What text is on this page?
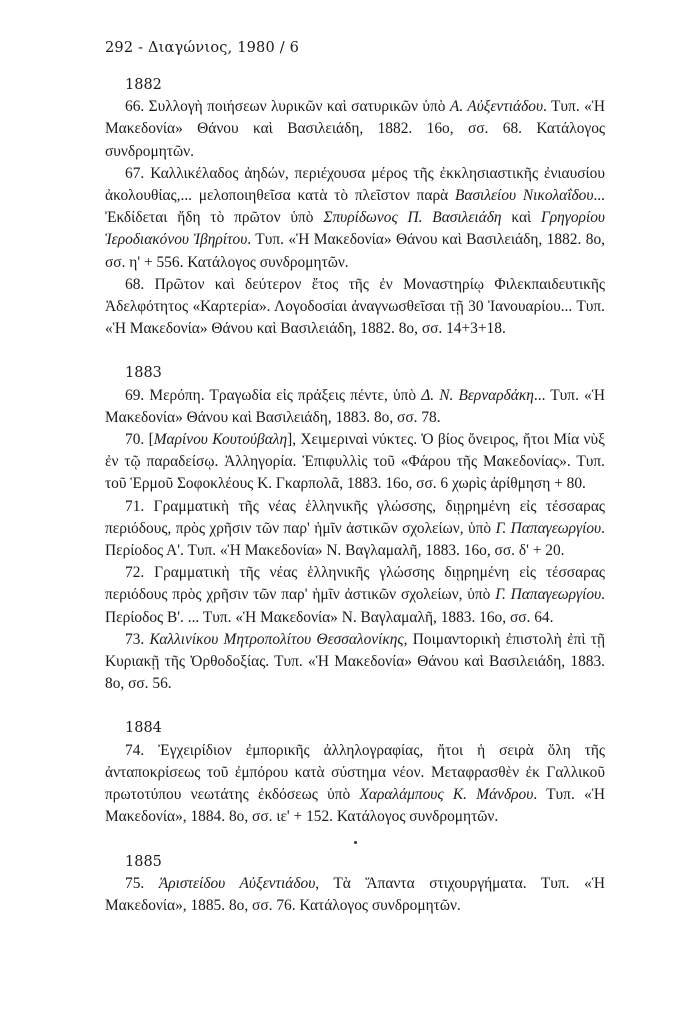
292 - Διαγώνιος, 1980 / 6

1882

66. Συλλογὴ ποιήσεων λυρικῶν καὶ σατυρικῶν ὑπὸ Α. Αὐξεντιάδου. Τυπ. «Ἡ Μακεδονία» Θάνου καὶ Βασιλειάδη, 1882. 16ο, σσ. 68. Κατάλογος συνδρομητῶν.

67. Καλλικέλαδος ἀηδών, περιέχουσα μέρος τῆς ἐκκλησιαστικῆς ἐνιαυσίου ἀκολουθίας,... μελοποιηθεῖσα κατὰ τὸ πλεῖστον παρὰ Βασιλείου Νικολαΐδου... Ἐκδίδεται ἤδη τὸ πρῶτον ὑπὸ Σπυρίδωνος Π. Βασιλειάδη καὶ Γρηγορίου Ἱεροδιακόνου Ἰβηρίτου. Τυπ. «Ἡ Μακεδονία» Θάνου καὶ Βασιλειάδη, 1882. 8ο, σσ. η' + 556. Κατάλογος συνδρομητῶν.

68. Πρῶτον καὶ δεύτερον ἔτος τῆς ἐν Μοναστηρίῳ Φιλεκπαιδευτικῆς Ἀδελφότητος «Καρτερία». Λογοδοσίαι ἀναγνωσθεῖσαι τῇ 30 Ἰανουαρίου... Τυπ. «Ἡ Μακεδονία» Θάνου καὶ Βασιλειάδη, 1882. 8ο, σσ. 14+3+18.

1883

69. Μερόπη. Τραγωδία εἰς πράξεις πέντε, ὑπὸ Δ. Ν. Βερναρδάκη... Τυπ. «Ἡ Μακεδονία» Θάνου καὶ Βασιλειάδη, 1883. 8ο, σσ. 78.

70. [Μαρίνου Κουτούβαλη], Χειμεριναὶ νύκτες. Ὁ βίος ὄνειρος, ἤτοι Μία νὺξ ἐν τῷ παραδείσῳ. Ἀλληγορία. Ἐπιφυλλὶς τοῦ «Φάρου τῆς Μακεδονίας». Τυπ. τοῦ Ἑρμοῦ Σοφοκλέους Κ. Γκαρπολᾶ, 1883. 16ο, σσ. 6 χωρὶς ἀρίθμηση + 80.

71. Γραμματικὴ τῆς νέας ἑλληνικῆς γλώσσης, διῃρημένη εἰς τέσσαρας περιόδους, πρὸς χρῆσιν τῶν παρ' ἡμῖν ἀστικῶν σχολείων, ὑπὸ Γ. Παπαγεωργίου. Περίοδος Α'. Τυπ. «Ἡ Μακεδονία» Ν. Βαγλαμαλῆ, 1883. 16ο, σσ. δ' + 20.

72. Γραμματικὴ τῆς νέας ἑλληνικῆς γλώσσης διῃρημένη εἰς τέσσαρας περιόδους πρὸς χρῆσιν τῶν παρ' ἡμῖν ἀστικῶν σχολείων, ὑπὸ Γ. Παπαγεωργίου. Περίοδος Β'. ... Τυπ. «Ἡ Μακεδονία» Ν. Βαγλαμαλῆ, 1883. 16ο, σσ. 64.

73. Καλλινίκου Μητροπολίτου Θεσσαλονίκης, Ποιμαντορικὴ ἐπιστολὴ ἐπὶ τῇ Κυριακῇ τῆς Ὀρθοδοξίας. Τυπ. «Ἡ Μακεδονία» Θάνου καὶ Βασιλειάδη, 1883. 8ο, σσ. 56.

1884

74. Ἐγχειρίδιον ἐμπορικῆς ἀλληλογραφίας, ἤτοι ἡ σειρὰ ὅλη τῆς ἀνταποκρίσεως τοῦ ἐμπόρου κατὰ σύστημα νέον. Μεταφρασθὲν ἐκ Γαλλικοῦ πρωτοτύπου νεωτάτης ἐκδόσεως ὑπὸ Χαραλάμπους Κ. Μάνδρου. Τυπ. «Ἡ Μακεδονία», 1884. 8ο, σσ. ιε' + 152. Κατάλογος συνδρομητῶν.

1885

75. Ἀριστείδου Αὐξεντιάδου, Τὰ Ἅπαντα στιχουργήματα. Τυπ. «Ἡ Μακεδονία», 1885. 8ο, σσ. 76. Κατάλογος συνδρομητῶν.
